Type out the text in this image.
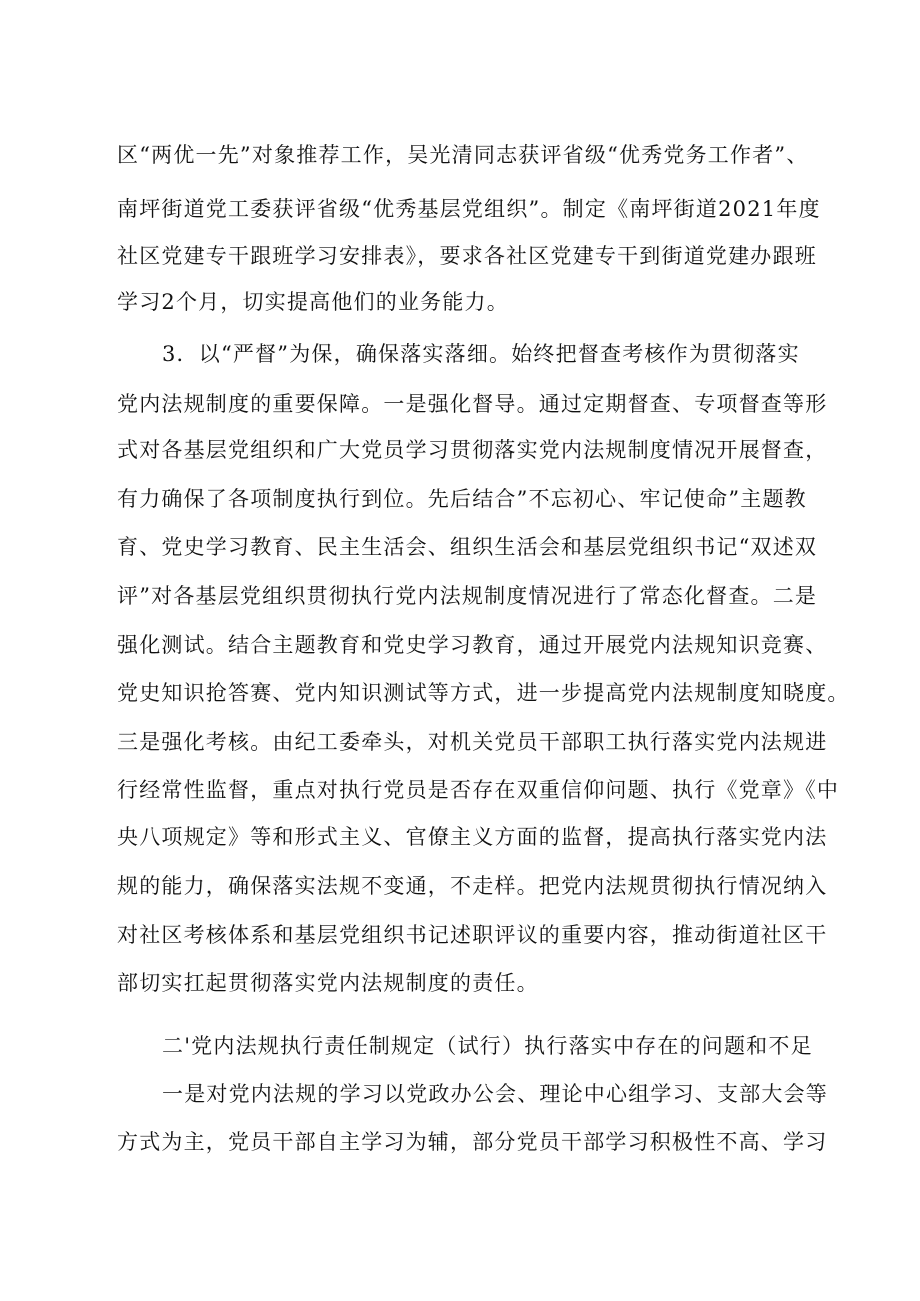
区“两优一先”对象推荐工作，吴光清同志获评省级“优秀党务工作者”、
南坪街道党工委获评省级“优秀基层党组织”。制定《南坪街道2021年度
社区党建专干跟班学习安排表》，要求各社区党建专干到街道党建办跟班
学习2个月，切实提高他们的业务能力。
3．以“严督”为保，确保落实落细。始终把督查考核作为贯彻落实
党内法规制度的重要保障。一是强化督导。通过定期督查、专项督查等形
式对各基层党组织和广大党员学习贯彻落实党内法规制度情况开展督查，
有力确保了各项制度执行到位。先后结合”不忘初心、牢记使命”主题教
育、党史学习教育、民主生活会、组织生活会和基层党组织书记“双述双
评”对各基层党组织贯彻执行党内法规制度情况进行了常态化督查。二是
强化测试。结合主题教育和党史学习教育，通过开展党内法规知识竞赛、
党史知识抢答赛、党内知识测试等方式，进一步提高党内法规制度知晓度。
三是强化考核。由纪工委牵头，对机关党员干部职工执行落实党内法规进
行经常性监督，重点对执行党员是否存在双重信仰问题、执行《党章》《中
央八项规定》等和形式主义、官僚主义方面的监督，提高执行落实党内法
规的能力，确保落实法规不变通，不走样。把党内法规贯彻执行情况纳入
对社区考核体系和基层党组织书记述职评议的重要内容，推动街道社区干
部切实扛起贯彻落实党内法规制度的责任。
二'党内法规执行责任制规定（试行）执行落实中存在的问题和不足
一是对党内法规的学习以党政办公会、理论中心组学习、支部大会等
方式为主，党员干部自主学习为辅，部分党员干部学习积极性不高、学习
